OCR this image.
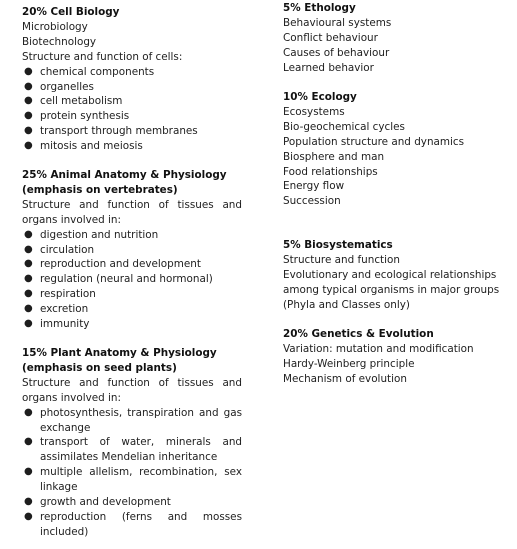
20% Cell Biology
Microbiology
Biotechnology
Structure and function of cells:
● chemical components
● organelles
● cell metabolism
● protein synthesis
● transport through membranes
● mitosis and meiosis
25% Animal Anatomy & Physiology
(emphasis on vertebrates)
Structure and function of tissues and organs involved in:
● digestion and nutrition
● circulation
● reproduction and development
● regulation (neural and hormonal)
● respiration
● excretion
● immunity
15% Plant Anatomy & Physiology
(emphasis on seed plants)
Structure and function of tissues and organs involved in:
● photosynthesis, transpiration and gas exchange
● transport of water, minerals and assimilates Mendelian inheritance
● multiple allelism, recombination, sex linkage
● growth and development
● reproduction (ferns and mosses included)
5% Ethology
Behavioural systems
Conflict behaviour
Causes of behaviour
Learned behavior
10% Ecology
Ecosystems
Bio-geochemical cycles
Population structure and dynamics
Biosphere and man
Food relationships
Energy flow
Succession
5% Biosystematics
Structure and function
Evolutionary and ecological relationships
among typical organisms in major groups
(Phyla and Classes only)
20% Genetics & Evolution
Variation: mutation and modification
Hardy-Weinberg principle
Mechanism of evolution
